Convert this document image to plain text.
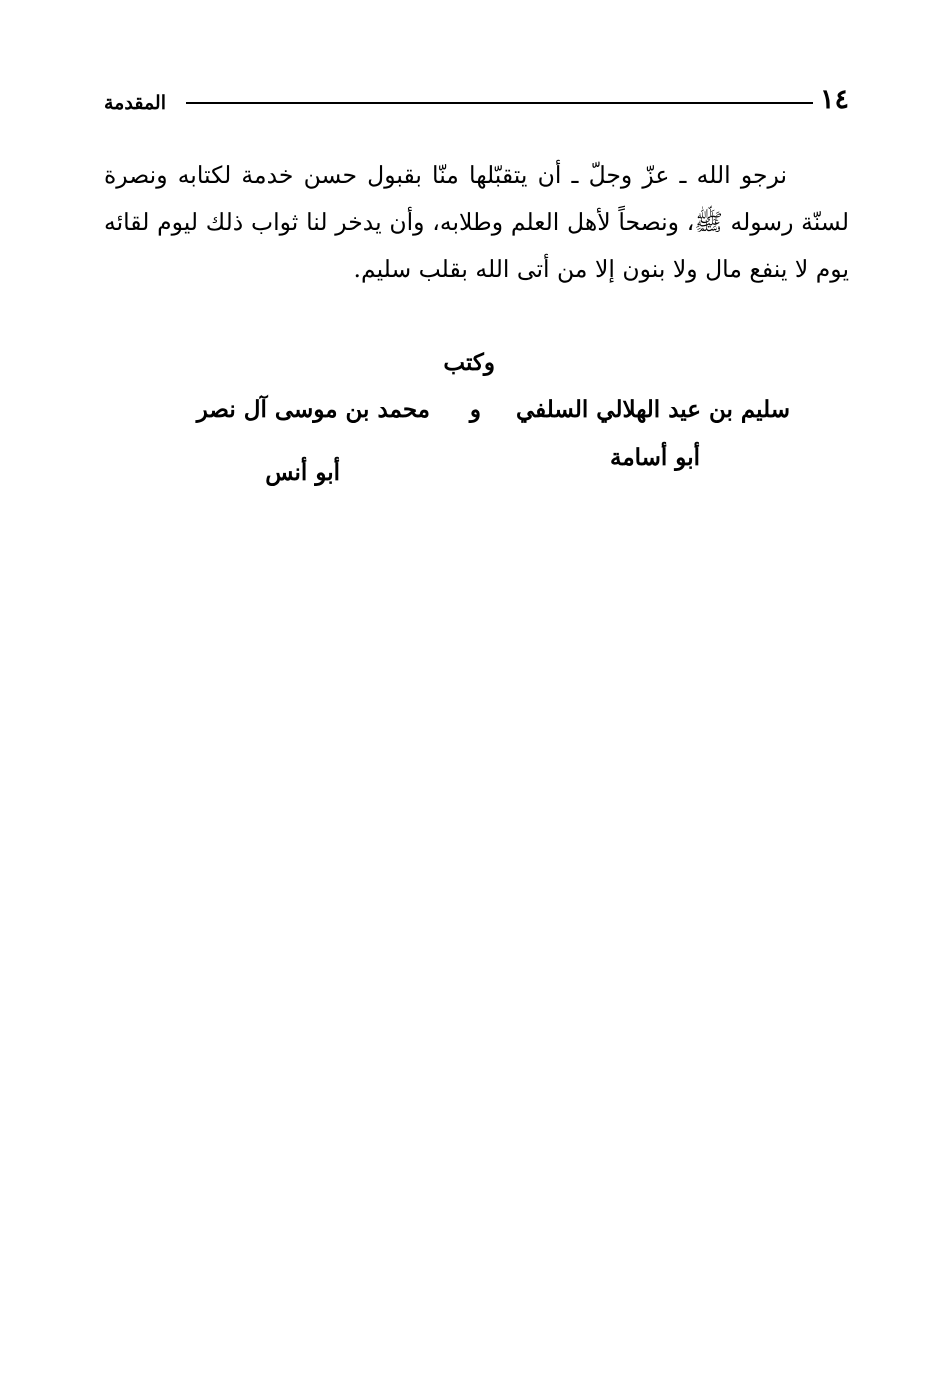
١٤
المقدمة

نرجو الله ـ عزّ وجلّ ـ أن يتقبّلها منّا بقبول حسن خدمة لكتابه ونصرة لسنّة رسوله ﷺ، ونصحاً لأهل العلم وطلابه، وأن يدخر لنا ثواب ذلك ليوم لقائه يوم لا ينفع مال ولا بنون إلا من أتى الله بقلب سليم.

وكتب
سليم بن عيد الهلالي السلفي
و
محمد بن موسى آل نصر
أبو أسامة
أبو أنس
